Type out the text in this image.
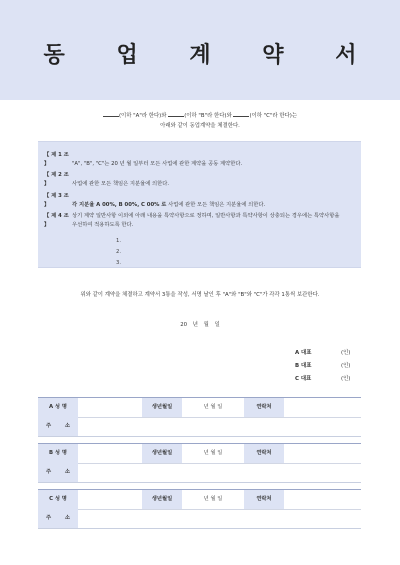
동 업 계 약 서
(이하 "A"라 한다)와	(이하 "B"라 한다)와	(이하 "C"라 한다)는
아래와 같이 동업계약을 체결한다.
【 제 1 조 】	"A", "B", "C"는 20 년 월 일부터 모든 사업에 관한 계약을 공동 계약한다.
【 제 2 조 】	사업에 관한 모든 책임은 지분율에 의한다.
【 제 3 조 】	각 지분율 A 00%, B 00%, C 00% 로 사업에 관한 모든 책임은 지분율에 의한다.
【 제 4 조 】상기 계약 일반사항 이외에 아래 내용을 특약사항으로 정하며, 일반사항과 특약사항이 상충되는 경우에는 특약사항을 우선하여 적용하도록 한다.
1.
2.
3.
위와 같이 계약을 체결하고 계약서 3통을 작성, 서명 날인 후 "A"와 "B"와 "C"가 각각 1통씩 보관한다.
20 년 월 일
A 대표	(인)
B 대표	(인)
C 대표	(인)
A 성 명	생년월일	년 월 일	연락처
주 소
B 성 명	생년월일	년 월 일	연락처
주 소
C 성 명	생년월일	년 월 일	연락처
주 소
